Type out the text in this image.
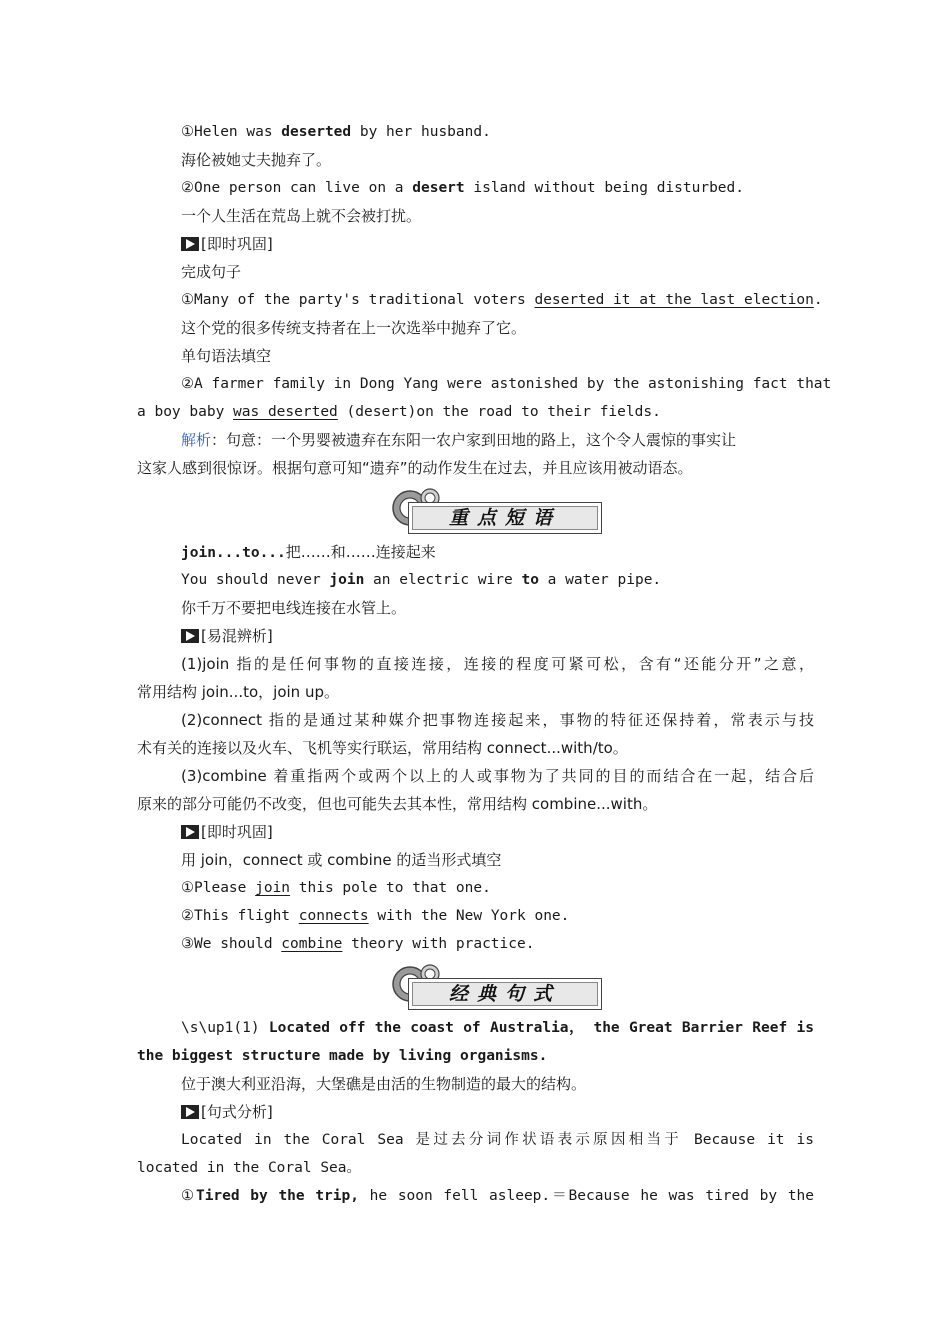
①Helen was deserted by her husband.
海伦被她丈夫抛弃了。
②One person can live on a desert island without being disturbed.
一个人生活在荒岛上就不会被打扰。
[即时巩固]
完成句子
①Many of the party's traditional voters deserted it at the last election.
这个党的很多传统支持者在上一次选举中抛弃了它。
单句语法填空
②A farmer family in Dong Yang were astonished by the astonishing fact that
a boy baby was deserted (desert)on the road to their fields.
解析：句意：一个男婴被遗弃在东阳一农户家到田地的路上，这个令人震惊的事实让
这家人感到很惊讶。根据句意可知“遗弃”的动作发生在过去，并且应该用被动语态。
重点短语
join...to...把……和……连接起来
You should never join an electric wire to a water pipe.
你千万不要把电线连接在水管上。
[易混辨析]
(1)join 指的是任何事物的直接连接，连接的程度可紧可松，含有“还能分开”之意，
常用结构 join...to，join up。
(2)connect 指的是通过某种媒介把事物连接起来，事物的特征还保持着，常表示与技
术有关的连接以及火车、飞机等实行联运，常用结构 connect...with/to。
(3)combine 着重指两个或两个以上的人或事物为了共同的目的而结合在一起，结合后
原来的部分可能仍不改变，但也可能失去其本性，常用结构 combine...with。
[即时巩固]
用 join，connect 或 combine 的适当形式填空
①Please join this pole to that one.
②This flight connects with the New York one.
③We should combine theory with practice.
经典句式
\s\up1(1) Located off the coast of Australia， the Great Barrier Reef is
the biggest structure made by living organisms.
位于澳大利亚沿海，大堡礁是由活的生物制造的最大的结构。
[句式分析]
Located in the Coral Sea 是过去分词作状语表示原因相当于 Because it is
located in the Coral Sea。
①Tired by the trip, he soon fell asleep.＝Because he was tired by the
